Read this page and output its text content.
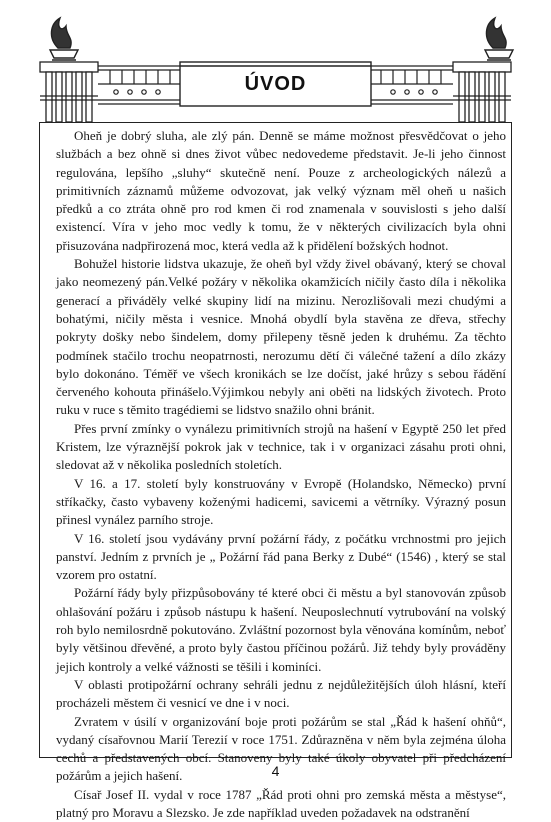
ÚVOD

Oheň je dobrý sluha, ale zlý pán. Denně se máme možnost přesvědčovat o jeho službách a bez ohně si dnes život vůbec nedovedeme představit. Je-li jeho činnost regulována, lepšího „sluhy“ skutečně není. Pouze z archeologických nálezů a primitivních záznamů můžeme odvozovat, jak velký význam měl oheň u našich předků a co ztráta ohně pro rod kmen či rod znamenala v souvislosti s jeho další existencí. Víra v jeho moc vedly k tomu, že v některých civilizacích byla ohni přisuzována nadpřirozená moc, která vedla až k přidělení božských hodnot.

Bohužel historie lidstva ukazuje, že oheň byl vždy živel obávaný, který se choval jako neomezený pán.Velké požáry v několika okamžicích ničily často díla i několika generací a přiváděly velké skupiny lidí na mizinu. Nerozlišovali mezi chudými a bohatými, ničily města i vesnice. Mnohá obydlí byla stavěna ze dřeva, střechy pokryty došky nebo šindelem, domy přilepeny těsně jeden k druhému. Za těchto podmínek stačilo trochu neopatrnosti, nerozumu dětí či válečné tažení a dílo zkázy bylo dokonáno. Téměř ve všech kronikách se lze dočíst, jaké hrůzy s sebou řádění červeného kohouta přinášelo.Výjimkou nebyly ani oběti na lidských životech. Proto ruku v ruce s těmito tragédiemi se lidstvo snažilo ohni bránit.

Přes první zmínky o vynálezu primitivních strojů na hašení v Egyptě 250 let před Kristem, lze výraznější pokrok jak v technice, tak i v organizaci zásahu proti ohni, sledovat až v několika posledních stoletích.

V 16. a 17. století byly konstruovány v Evropě (Holandsko, Německo) první stříkačky, často vybaveny koženými hadicemi, savicemi a větrníky. Výrazný posun přinesl vynález parního stroje.

V 16. století jsou vydávány první požární řády, z počátku vrchnostmi pro jejich panství. Jedním z prvních je „ Požární řád pana Berky z Dubé“ (1546) , který se stal vzorem pro ostatní.

Požární řády byly přizpůsobovány té které obci či městu a byl stanovován způsob ohlašování požáru i způsob nástupu k hašení. Neuposlechnutí vytrubování na volský roh bylo nemilosrdně pokutováno. Zvláštní pozornost byla věnována komínům, neboť byly většinou dřevěné, a proto byly častou příčinou požárů. Již tehdy byly prováděny jejich kontroly a velké vážnosti se těšili i kominíci.

V oblasti protipožární ochrany sehráli jednu z nejdůležitějších úloh hlásní, kteří procházeli městem či vesnicí ve dne i v noci.

Zvratem v úsilí v organizování boje proti požárům se stal „Řád k hašení ohňů“, vydaný císařovnou Marií Terezií v roce 1751. Zdůrazněna v něm byla zejména úloha cechů a představených obcí. Stanoveny byly také úkoly obyvatel při předcházení požárům a jejich hašení.

Císař Josef II. vydal v roce 1787 „Řád proti ohni pro zemská města a městyse“, platný pro Moravu a Slezsko. Je zde například uveden požadavek na odstranění

4
